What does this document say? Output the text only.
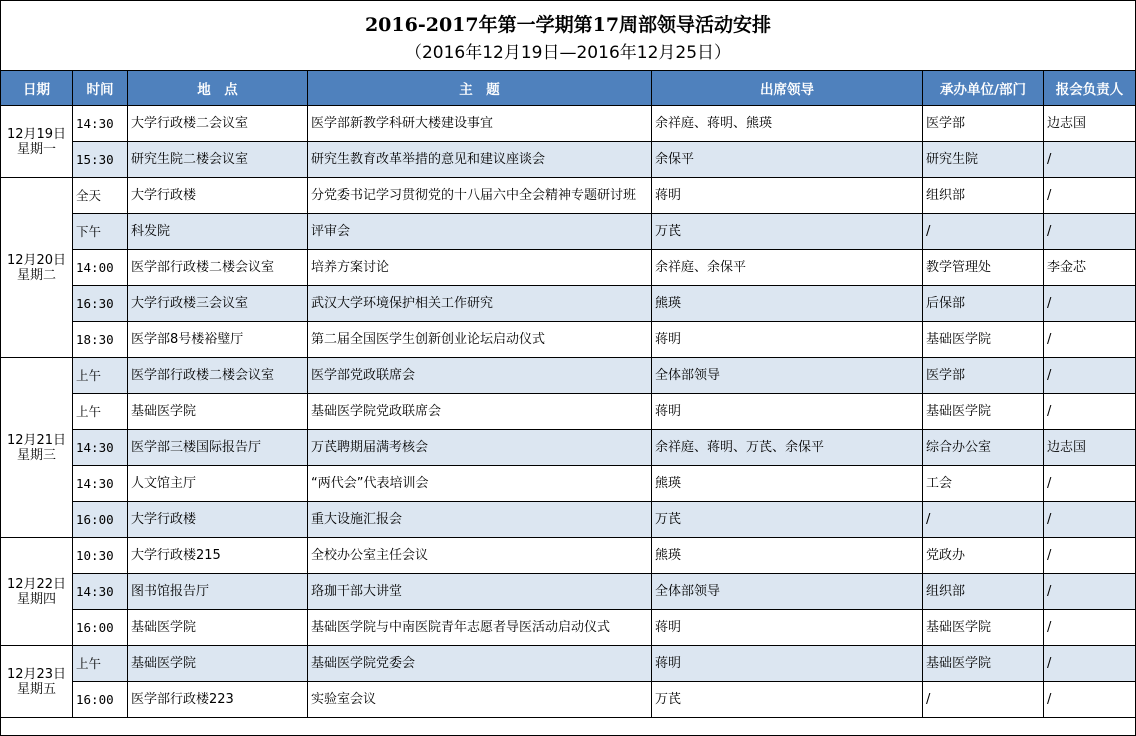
2016-2017年第一学期第17周部领导活动安排
（2016年12月19日—2016年12月25日）
日期	时间	地　点	主　题	出席领导	承办单位/部门	报会负责人

12月19日
星期一	14:30	大学行政楼二会议室	医学部新教学科研大楼建设事宜	余祥庭、蒋明、熊瑛	医学部	边志国
	15:30	研究生院二楼会议室	研究生教育改革举措的意见和建议座谈会	余保平	研究生院	/

12月20日
星期二	全天	大学行政楼	分党委书记学习贯彻党的十八届六中全会精神专题研讨班	蒋明	组织部	/
	下午	科发院	评审会	万芪	/	/
	14:00	医学部行政楼二楼会议室	培养方案讨论	余祥庭、余保平	教学管理处	李金芯
	16:30	大学行政楼三会议室	武汉大学环境保护相关工作研究	熊瑛	后保部	/
	18:30	医学部8号楼裕璧厅	第二届全国医学生创新创业论坛启动仪式	蒋明	基础医学院	/

12月21日
星期三	上午	医学部行政楼二楼会议室	医学部党政联席会	全体部领导	医学部	/
	上午	基础医学院	基础医学院党政联席会	蒋明	基础医学院	/
	14:30	医学部三楼国际报告厅	万芪聘期届满考核会	余祥庭、蒋明、万芪、余保平	综合办公室	边志国
	14:30	人文馆主厅	“两代会”代表培训会	熊瑛	工会	/
	16:00	大学行政楼	重大设施汇报会	万芪	/	/

12月22日
星期四	10:30	大学行政楼215	全校办公室主任会议	熊瑛	党政办	/
	14:30	图书馆报告厅	珞珈干部大讲堂	全体部领导	组织部	/
	16:00	基础医学院	基础医学院与中南医院青年志愿者导医活动启动仪式	蒋明	基础医学院	/

12月23日
星期五	上午	基础医学院	基础医学院党委会	蒋明	基础医学院	/
	16:00	医学部行政楼223	实验室会议	万芪	/	/
